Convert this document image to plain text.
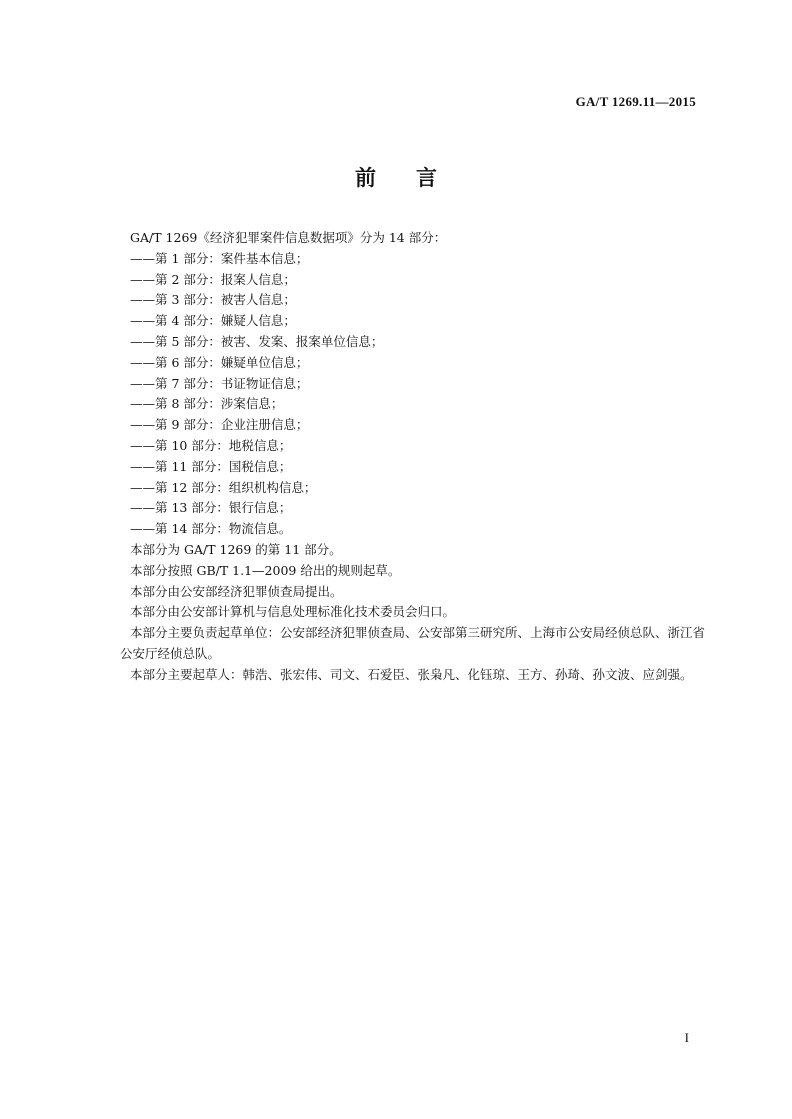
GA/T 1269.11—2015
前 言
GA/T 1269《经济犯罪案件信息数据项》分为 14 部分：
——第 1 部分：案件基本信息；
——第 2 部分：报案人信息；
——第 3 部分：被害人信息；
——第 4 部分：嫌疑人信息；
——第 5 部分：被害、发案、报案单位信息；
——第 6 部分：嫌疑单位信息；
——第 7 部分：书证物证信息；
——第 8 部分：涉案信息；
——第 9 部分：企业注册信息；
——第 10 部分：地税信息；
——第 11 部分：国税信息；
——第 12 部分：组织机构信息；
——第 13 部分：银行信息；
——第 14 部分：物流信息。
本部分为 GA/T 1269 的第 11 部分。
本部分按照 GB/T 1.1—2009 给出的规则起草。
本部分由公安部经济犯罪侦查局提出。
本部分由公安部计算机与信息处理标准化技术委员会归口。
本部分主要负责起草单位：公安部经济犯罪侦查局、公安部第三研究所、上海市公安局经侦总队、浙江省公安厅经侦总队。
本部分主要起草人：韩浩、张宏伟、司文、石爱臣、张枭凡、化钰琼、王方、孙琦、孙文波、应剑强。
I
